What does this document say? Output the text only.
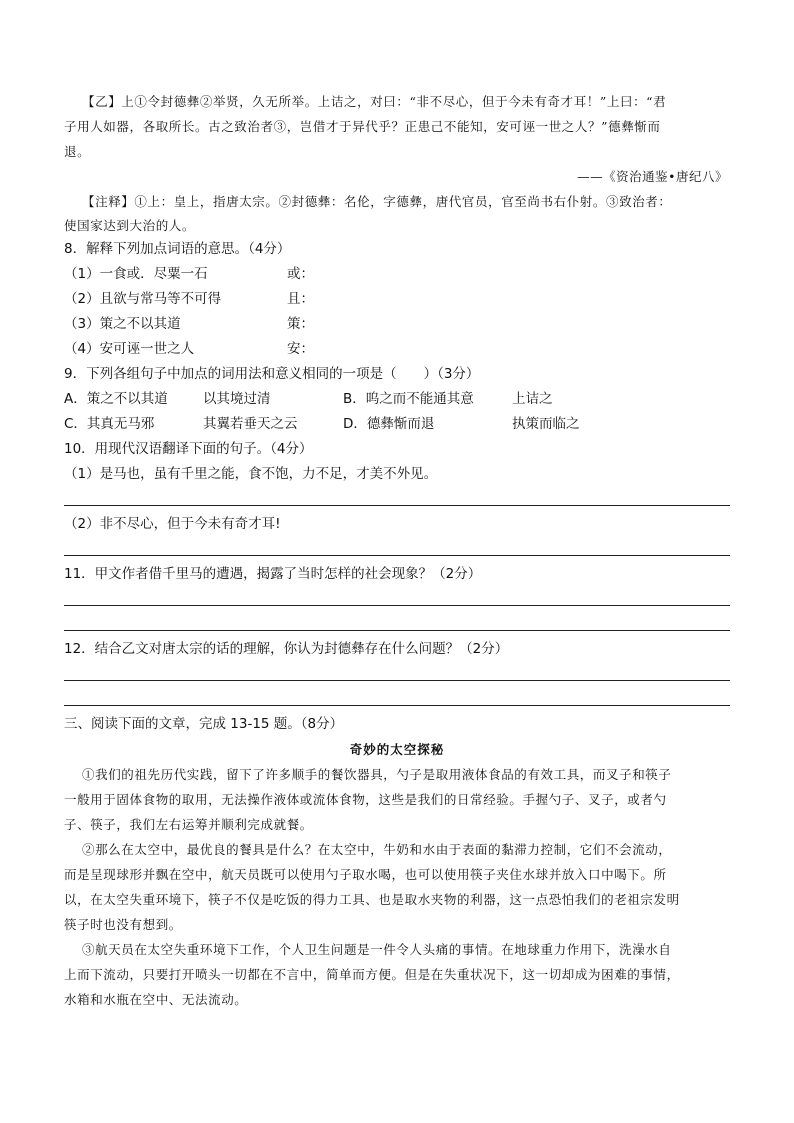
【乙】上①令封德彝②举贤，久无所举。上诘之，对曰：“非不尽心，但于今未有奇才耳！”上曰：“君
子用人如器，各取所长。古之致治者③，岂借才于异代乎？正患己不能知，安可诬一世之人？”德彝惭而
退。
——《资治通鉴•唐纪八》
【注释】①上：皇上，指唐太宗。②封德彝：名伦，字德彝，唐代官员，官至尚书右仆射。③致治者：
使国家达到大治的人。
8．解释下列加点词语的意思。（4分）
（1）一食或．尽粟一石	或：
（2）且欲与常马等不可得	且：
（3）策之不以其道	策：
（4）安可诬一世之人	安：
9．下列各组句子中加点的词用法和意义相同的一项是（　　）（3分）
A．策之不以其道	以其境过清	B．呜之而不能通其意	上诘之
C．其真无马邪	其翼若垂天之云	D．德彝惭而退	执策而临之
10．用现代汉语翻译下面的句子。（4分）
（1）是马也，虽有千里之能，食不饱，力不足，才美不外见。
（2）非不尽心，但于今未有奇才耳!
11．甲文作者借千里马的遭遇，揭露了当时怎样的社会现象？（2分）
12．结合乙文对唐太宗的话的理解，你认为封德彝存在什么问题？（2分）
三、阅读下面的文章，完成 13-15 题。（8分）
奇妙的太空探秘
①我们的祖先历代实践，留下了许多顺手的餐饮器具，勺子是取用液体食品的有效工具，而叉子和筷子
一般用于固体食物的取用，无法操作液体或流体食物，这些是我们的日常经验。手握勺子、叉子，或者勺
子、筷子，我们左右运筹并顺利完成就餐。
②那么在太空中，最优良的餐具是什么？在太空中，牛奶和水由于表面的黏滞力控制，它们不会流动，
而是呈现球形并飘在空中，航天员既可以使用勺子取水喝，也可以使用筷子夹住水球并放入口中喝下。所
以，在太空失重环境下，筷子不仅是吃饭的得力工具、也是取水夹物的利器，这一点恐怕我们的老祖宗发明
筷子时也没有想到。
③航天员在太空失重环境下工作，个人卫生问题是一件令人头痛的事情。在地球重力作用下，洗澡水自
上而下流动，只要打开喷头一切都在不言中，简单而方便。但是在失重状况下，这一切却成为困难的事情，
水箱和水瓶在空中、无法流动。
